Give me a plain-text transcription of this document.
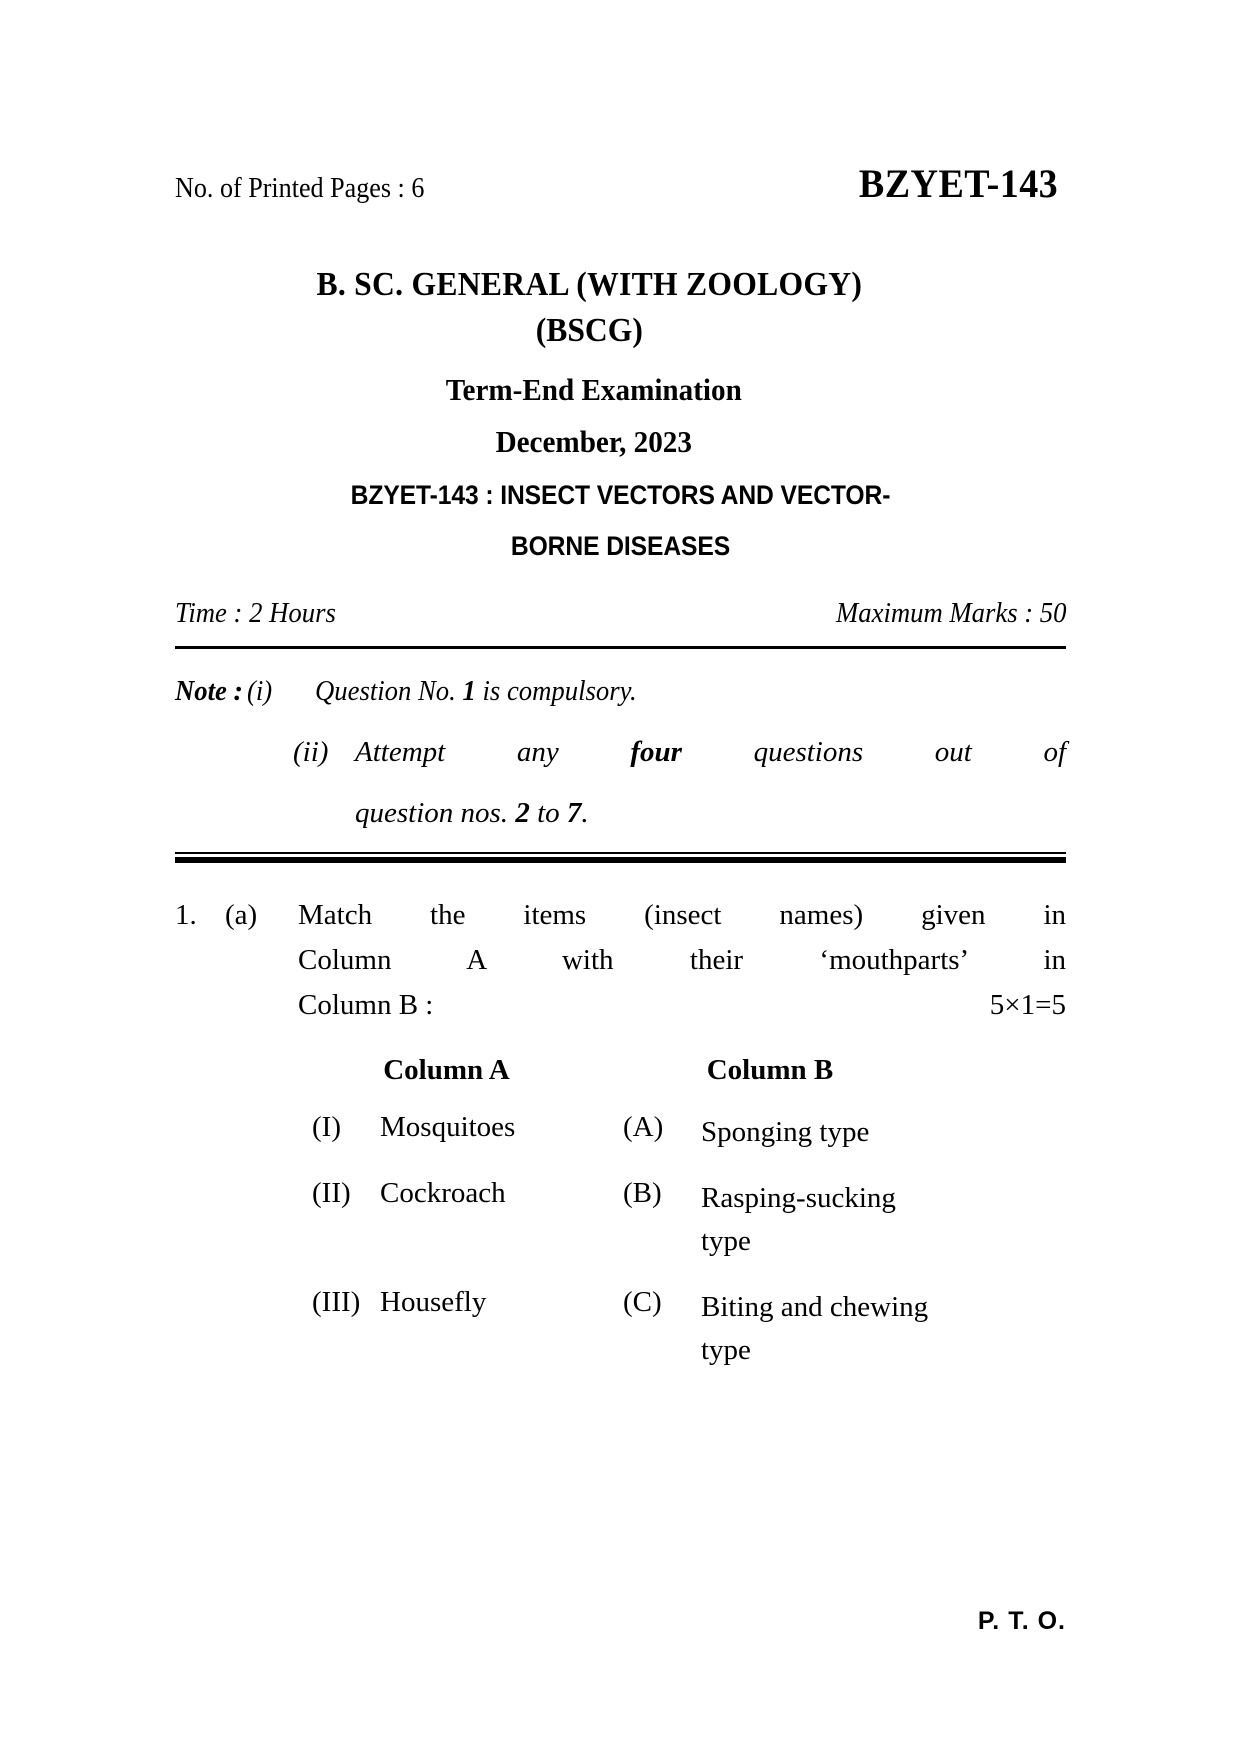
No. of Printed Pages : 6	BZYET-143
B. SC. GENERAL (WITH ZOOLOGY)
(BSCG)
Term-End Examination
December, 2023
BZYET-143 : INSECT VECTORS AND VECTOR-
BORNE DISEASES
Time : 2 Hours	Maximum Marks : 50
Note : (i)	Question No. 1 is compulsory.
(ii) Attempt any four questions out of
question nos. 2 to 7.
1. (a)	Match the items (insect names) given in
Column A with their ‘mouthparts’ in
Column B :	5×1=5
Column A	Column B
(I)	Mosquitoes	(A)	Sponging type
(II)	Cockroach	(B)	Rasping-sucking type
(III) Housefly	(C)	Biting and chewing type
P. T. O.
